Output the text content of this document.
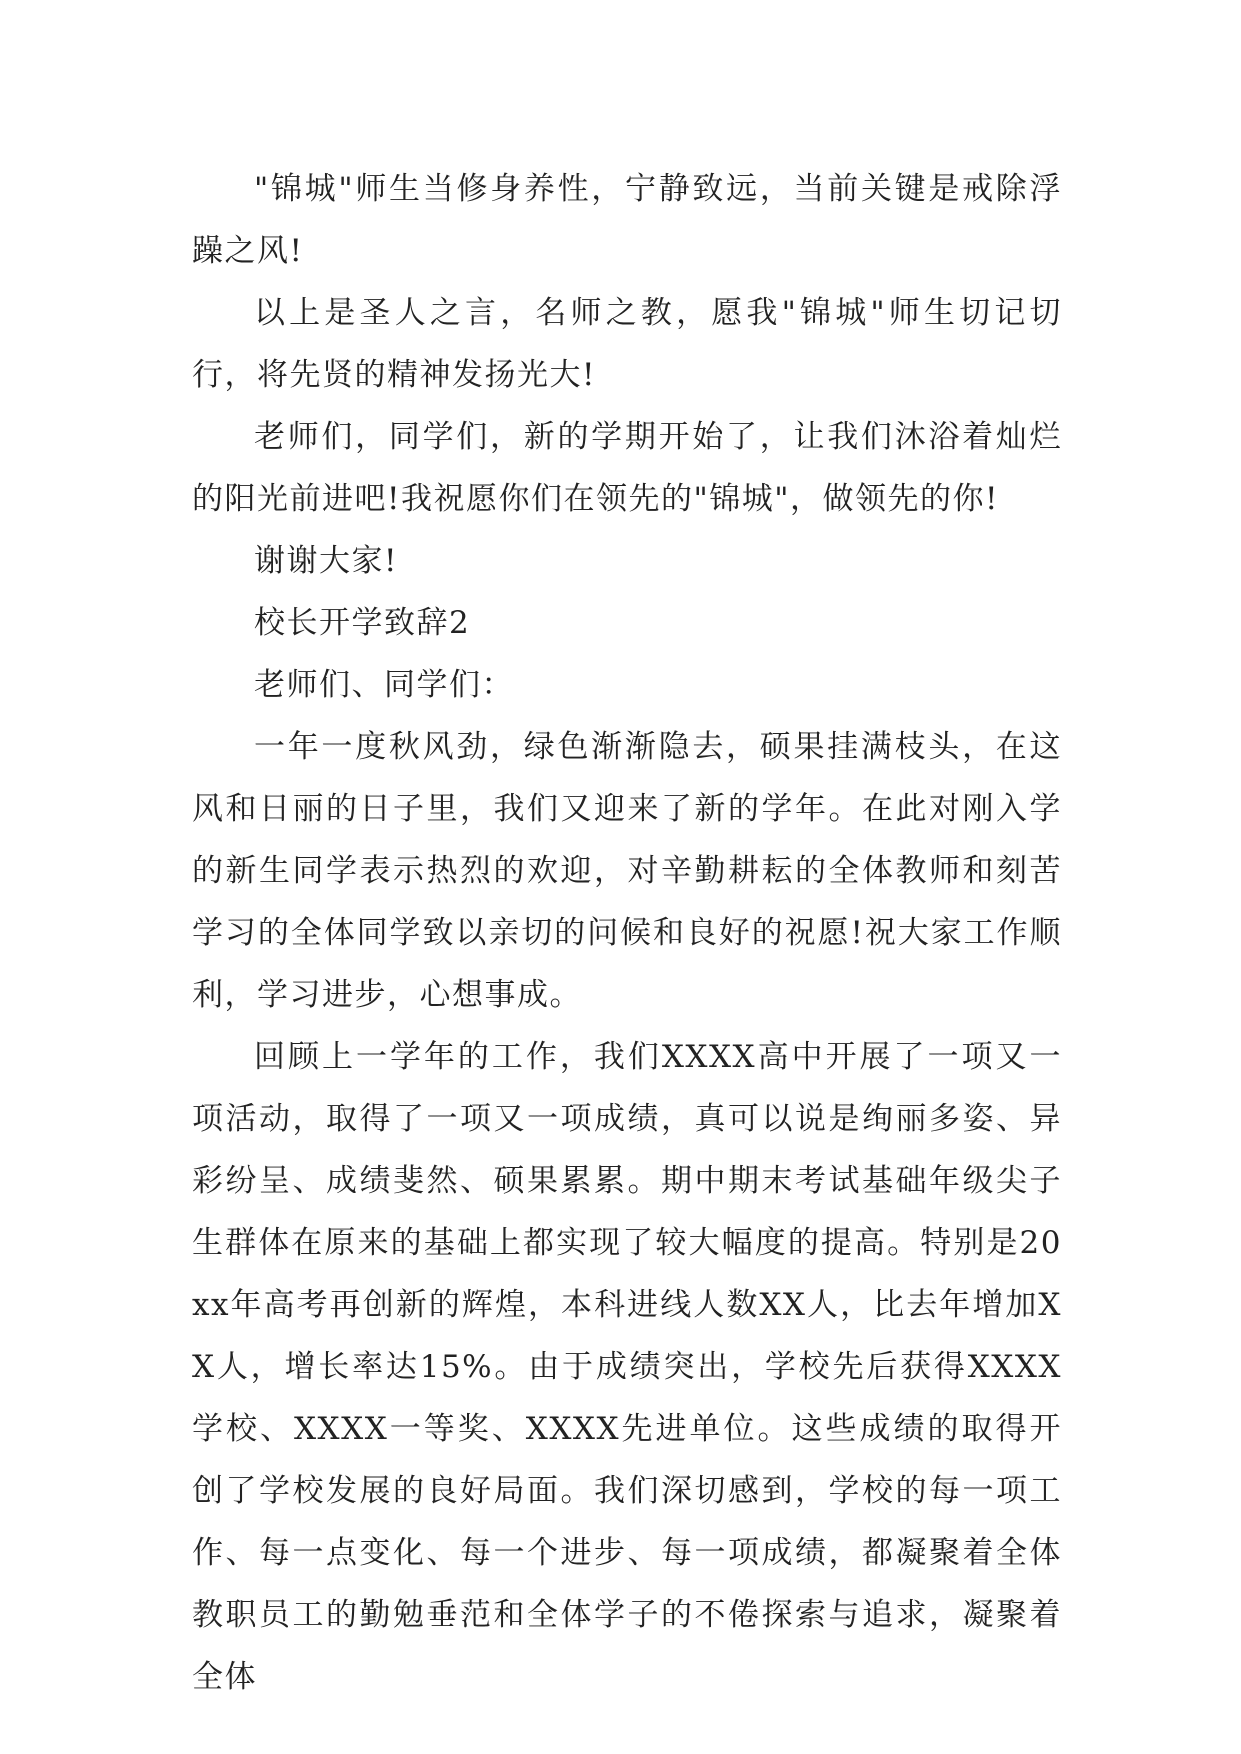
"锦城"师生当修身养性，宁静致远，当前关键是戒除浮躁之风!

以上是圣人之言，名师之教，愿我"锦城"师生切记切行，将先贤的精神发扬光大!

老师们，同学们，新的学期开始了，让我们沐浴着灿烂的阳光前进吧!我祝愿你们在领先的"锦城"，做领先的你!

谢谢大家!

校长开学致辞2

老师们、同学们：

一年一度秋风劲，绿色渐渐隐去，硕果挂满枝头，在这风和日丽的日子里，我们又迎来了新的学年。在此对刚入学的新生同学表示热烈的欢迎，对辛勤耕耘的全体教师和刻苦学习的全体同学致以亲切的问候和良好的祝愿!祝大家工作顺利，学习进步，心想事成。

回顾上一学年的工作，我们XXXX高中开展了一项又一项活动，取得了一项又一项成绩，真可以说是绚丽多姿、异彩纷呈、成绩斐然、硕果累累。期中期末考试基础年级尖子生群体在原来的基础上都实现了较大幅度的提高。特别是20xx年高考再创新的辉煌，本科进线人数XX人，比去年增加XX人，增长率达15%。由于成绩突出，学校先后获得XXXX学校、XXXX一等奖、XXXX先进单位。这些成绩的取得开创了学校发展的良好局面。我们深切感到，学校的每一项工作、每一点变化、每一个进步、每一项成绩，都凝聚着全体教职员工的勤勉垂范和全体学子的不倦探索与追求，凝聚着全体
